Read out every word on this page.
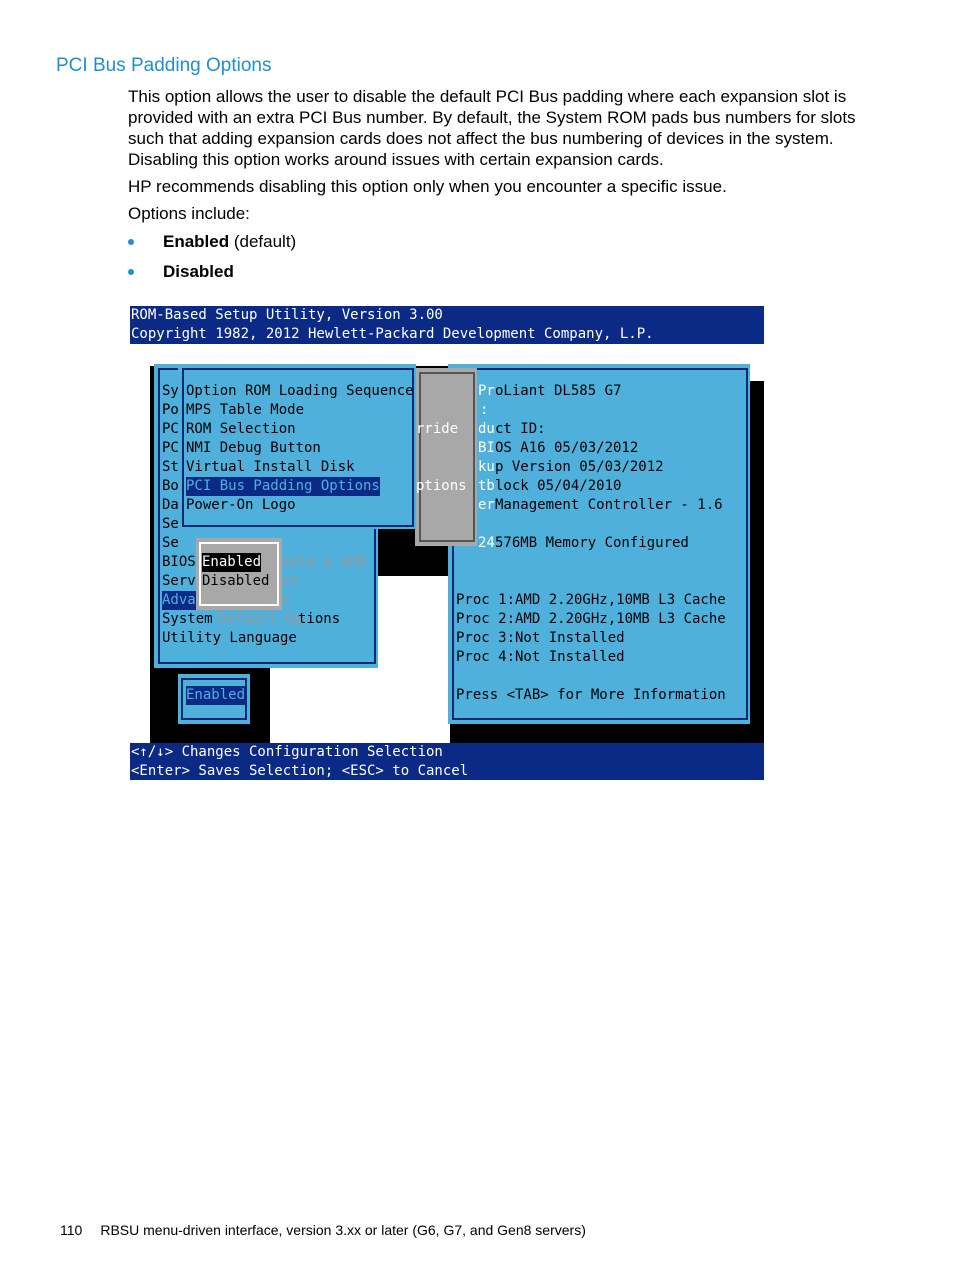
PCI Bus Padding Options
This option allows the user to disable the default PCI Bus padding where each expansion slot is provided with an extra PCI Bus number. By default, the System ROM pads bus numbers for slots such that adding expansion cards does not affect the bus numbering of devices in the system. Disabling this option works around issues with certain expansion cards.
HP recommends disabling this option only when you encounter a specific issue.
Options include:
Enabled (default)
Disabled
ROM-Based Setup Utility, Version 3.00
Copyright 1982, 2012 Hewlett-Packard Development Company, L.P.
Sy
Po
PC
PC
St
Bo
Da
Se
Se
BIOS
Serv
Adva
System
Utility Language
Option ROM Loading Sequence
MPS Table Mode
ROM Selection
NMI Debug Button
Virtual Install Disk
PCI Bus Padding Options
Power-On Logo
rride
ptions
sole & EMS
xt
s
Default Op
tions
Enabled
Disabled
Enabled
Pr oLiant DL585 G7
:
du ct ID:
BI OS A16 05/03/2012
ku p Version 05/03/2012
tb lock 05/04/2010
er Management Controller - 1.6
24 576MB Memory Configured
Proc 1:AMD 2.20GHz,10MB L3 Cache
Proc 2:AMD 2.20GHz,10MB L3 Cache
Proc 3:Not Installed
Proc 4:Not Installed
Press <TAB> for More Information
<↑/↓> Changes Configuration Selection
<Enter> Saves Selection; <ESC> to Cancel
110 RBSU menu-driven interface, version 3.xx or later (G6, G7, and Gen8 servers)
